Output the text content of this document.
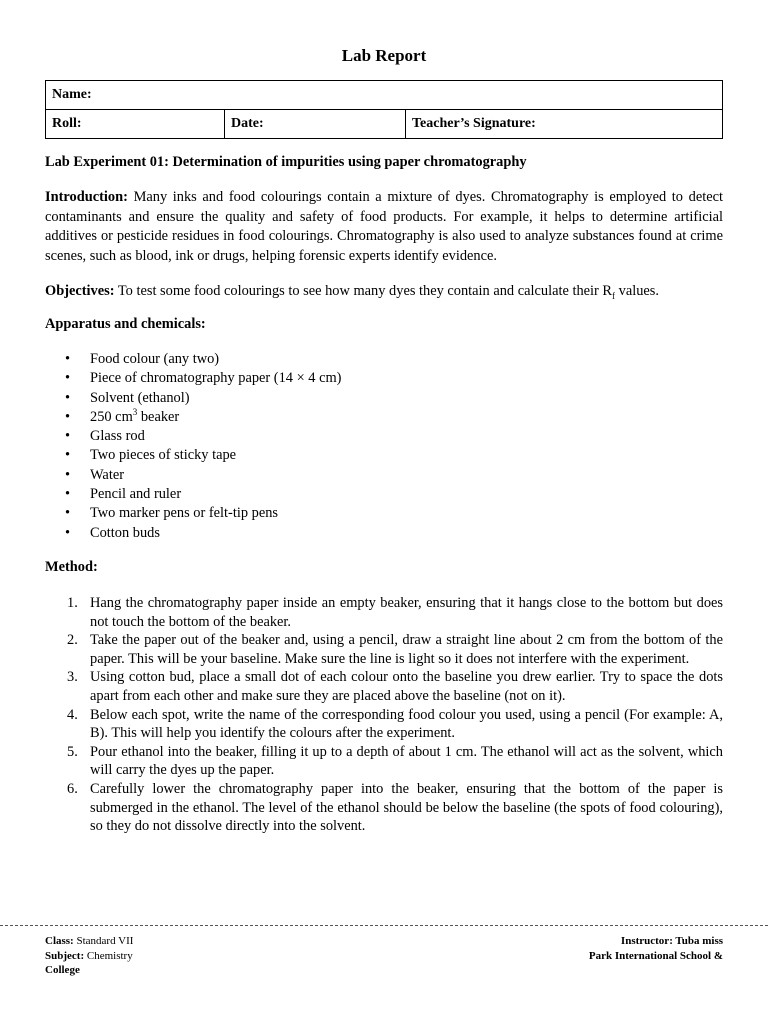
Lab Report
Name:
Roll:	Date:	Teacher’s Signature:
Lab Experiment 01: Determination of impurities using paper chromatography
Introduction: Many inks and food colourings contain a mixture of dyes. Chromatography is employed to detect contaminants and ensure the quality and safety of food products. For example, it helps to determine artificial additives or pesticide residues in food colourings. Chromatography is also used to analyze substances found at crime scenes, such as blood, ink or drugs, helping forensic experts identify evidence.
Objectives: To test some food colourings to see how many dyes they contain and calculate their $R_f$ values.
Apparatus and chemicals:
• Food colour (any two)
• Piece of chromatography paper (14 × 4 cm)
• Solvent (ethanol)
• 250 $cm^3$ beaker
• Glass rod
• Two pieces of sticky tape
• Water
• Pencil and ruler
• Two marker pens or felt-tip pens
• Cotton buds
Method:
1. Hang the chromatography paper inside an empty beaker, ensuring that it hangs close to the bottom but does not touch the bottom of the beaker.
2. Take the paper out of the beaker and, using a pencil, draw a straight line about 2 cm from the bottom of the paper. This will be your baseline. Make sure the line is light so it does not interfere with the experiment.
3. Using cotton bud, place a small dot of each colour onto the baseline you drew earlier. Try to space the dots apart from each other and make sure they are placed above the baseline (not on it).
4. Below each spot, write the name of the corresponding food colour you used, using a pencil (For example: A, B). This will help you identify the colours after the experiment.
5. Pour ethanol into the beaker, filling it up to a depth of about 1 cm. The ethanol will act as the solvent, which will carry the dyes up the paper.
6. Carefully lower the chromatography paper into the beaker, ensuring that the bottom of the paper is submerged in the ethanol. The level of the ethanol should be below the baseline (the spots of food colouring), so they do not dissolve directly into the solvent.
Class: Standard VII
Subject: Chemistry
College
Instructor: Tuba miss
Park International School &
